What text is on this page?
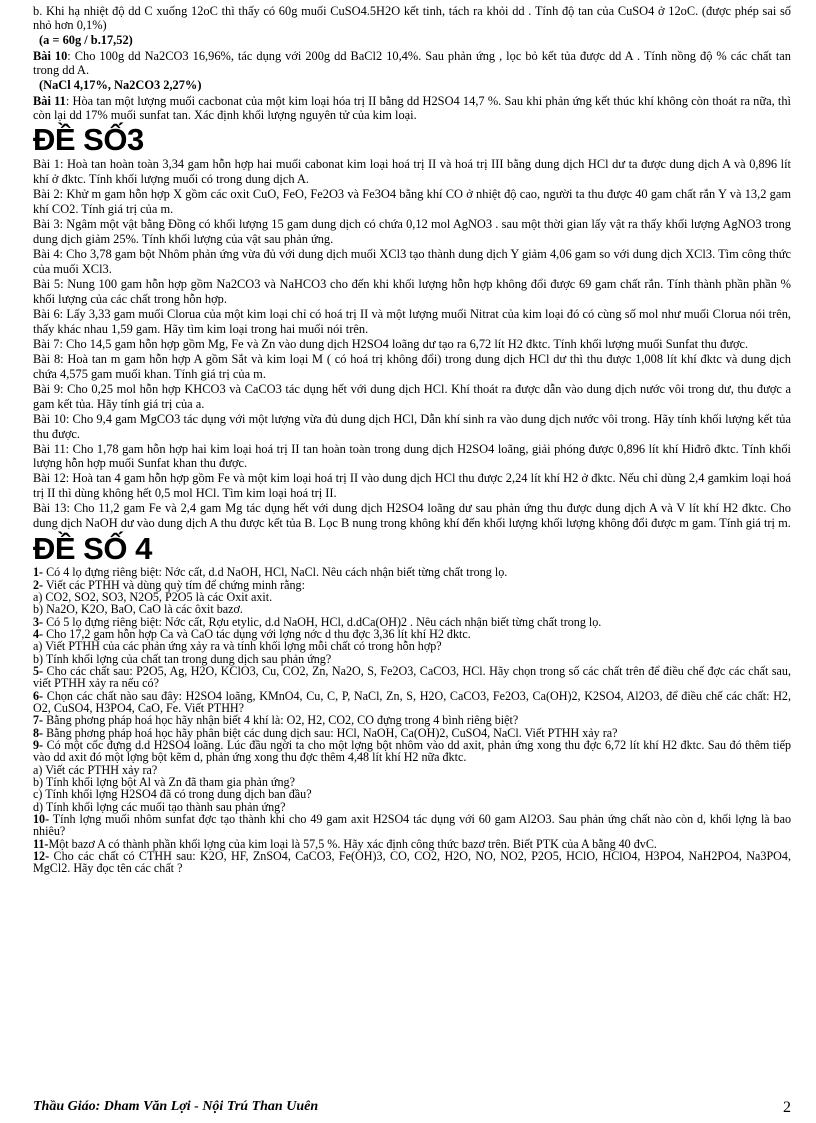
b. Khi hạ nhiệt độ dd C xuống 12oC thì thấy có 60g muối CuSO4.5H2O kết tinh, tách ra khỏi dd . Tính độ tan của CuSO4 ở 12oC. (được phép sai số nhỏ hơn 0,1%)

(a = 60g / b.17,52)

Bài 10: Cho 100g dd Na2CO3 16,96%, tác dụng với 200g dd BaCl2 10,4%. Sau phản ứng , lọc bỏ kết tủa được dd A . Tính nồng độ % các chất tan trong dd A.

(NaCl 4,17%, Na2CO3 2,27%)

Bài 11: Hòa tan một lượng muối cacbonat của một kim loại hóa trị II bằng dd H2SO4 14,7 %. Sau khi phản ứng kết thúc khí không còn thoát ra nữa, thì còn lại dd 17% muối sunfat tan. Xác định khối lượng nguyên tử của kim loại.

ĐỀ SỐ3

Bài 1: Hoà tan hoàn toàn 3,34 gam hỗn hợp hai muối cabonat kim loại hoá trị II và hoá trị III bằng dung dịch HCl dư ta được dung dịch A và 0,896 lít khí ở đktc. Tính khối lượng muối có trong dung dịch A.

Bài 2: Khử m gam hỗn hợp X gồm các oxit CuO, FeO, Fe2O3 và Fe3O4 bằng khí CO ở nhiệt độ cao, người ta thu được 40 gam chất rắn Y và 13,2 gam khí CO2. Tính giá trị của m.

Bài 3: Ngâm một vật bằng Đồng có khối lượng 15 gam dung dịch có chứa 0,12 mol AgNO3 . sau một thời gian lấy vật ra thấy khối lượng AgNO3 trong dung dịch giảm 25%. Tính khối lượng của vật sau phản ứng.

Bài 4: Cho 3,78 gam bột Nhôm phản ứng vừa đủ với dung dịch muối XCl3 tạo thành dung dịch Y giảm 4,06 gam so với dung dịch XCl3. Tìm công thức của muối XCl3.

Bài 5: Nung 100 gam hỗn hợp gồm Na2CO3 và NaHCO3 cho đến khi khối lượng hỗn hợp không đổi được 69 gam chất rắn. Tính thành phần phần % khối lượng của các chất trong hỗn hợp.

Bài 6: Lấy 3,33 gam muối Clorua của một kim loại chỉ có hoá trị II và một lượng muối Nitrat của kim loại đó có cùng số mol như muối Clorua nói trên, thấy khác nhau 1,59 gam. Hãy tìm kim loại trong hai muối nói trên.

Bài 7: Cho 14,5 gam hỗn hợp gồm Mg, Fe và Zn vào dung dịch H2SO4 loãng dư tạo ra 6,72 lít H2 đktc. Tính khối lượng muối Sunfat thu được.

Bài 8: Hoà tan m gam hỗn hợp A gồm Sắt và kim loại M ( có hoá trị không đổi) trong dung dịch HCl dư thì thu được 1,008 lít khí đktc và dung dịch chứa 4,575 gam muối khan. Tính giá trị của m.

Bài 9: Cho 0,25 mol hỗn hợp KHCO3 và CaCO3 tác dụng hết với dung dịch HCl. Khí thoát ra được dẫn vào dung dịch nước vôi trong dư, thu được a gam kết tủa. Hãy tính giá trị của a.

Bài 10: Cho 9,4 gam MgCO3 tác dụng với một lượng vừa đủ dung dịch HCl, Dẫn khí sinh ra vào dung dịch nước vôi trong. Hãy tính khối lượng kết tủa thu được.

Bài 11: Cho 1,78 gam hỗn hợp hai kim loại hoá trị II tan hoàn toàn trong dung dịch H2SO4 loãng, giải phóng được 0,896 lít khí Hiđrô đktc. Tính khối lượng hỗn hợp muối Sunfat khan thu được.

Bài 12: Hoà tan 4 gam hỗn hợp gồm Fe và một kim loại hoá trị II vào dung dịch HCl thu được 2,24 lít khí H2 ở đktc. Nếu chỉ dùng 2,4 gamkim loại hoá trị II thì dùng không hết 0,5 mol HCl. Tìm kim loại hoá trị II.

Bài 13: Cho 11,2 gam Fe và 2,4 gam Mg tác dụng hết với dung dịch H2SO4 loãng dư sau phản ứng thu được dung dịch A và V lít khí H2 đktc. Cho dung dịch NaOH dư vào dung dịch A thu được kết tủa B. Lọc B nung trong không khí đến khối lượng khối lượng không đổi được m gam. Tính giá trị m.

ĐỀ SỐ 4

1- Có 4 lọ đựng riêng biệt: Nớc cất, d.d NaOH, HCl, NaCl. Nêu cách nhận biết từng chất trong lọ.

2- Viết các PTHH và dùng quỳ tím để chứng minh rằng:

a) CO2, SO2, SO3, N2O5, P2O5 là các Oxit axit.

b) Na2O, K2O, BaO, CaO là các ôxit bazơ.

3- Có 5 lọ đựng riêng biệt: Nớc cất, Rợu etylic, d.d NaOH, HCl, d.dCa(OH)2 . Nêu cách nhận biết từng chất trong lọ.

4- Cho 17,2 gam hỗn hợp Ca và CaO tác dụng với lợng nớc d thu đợc 3,36 lít khí H2 đktc.

a) Viết PTHH của các phản ứng xảy ra và tính khối lợng mỗi chất có trong hỗn hợp?

b) Tính khối lợng của chất tan trong dung dịch sau phản ứng?

5- Cho các chất sau: P2O5, Ag, H2O, KClO3, Cu, CO2, Zn, Na2O, S, Fe2O3, CaCO3, HCl. Hãy chọn trong số các chất trên để điều chế đợc các chất sau, viết PTHH xảy ra nếu có?

6- Chọn các chất nào sau đây: H2SO4 loãng, KMnO4, Cu, C, P, NaCl, Zn, S, H2O, CaCO3, Fe2O3, Ca(OH)2, K2SO4, Al2O3, để điều chế các chất: H2, O2, CuSO4, H3PO4, CaO, Fe. Viết PTHH?

7- Bằng phơng pháp hoá học hãy nhận biết 4 khí là: O2, H2, CO2, CO đựng trong 4 bình riêng biệt?

8- Bằng phơng pháp hoá học hãy phân biệt các dung dịch sau: HCl, NaOH, Ca(OH)2, CuSO4, NaCl. Viết PTHH xảy ra?

9- Có một cốc đựng d.d H2SO4 loãng. Lúc đầu ngời ta cho một lợng bột nhôm vào dd axit, phản ứng xong thu đợc 6,72 lít khí H2 đktc. Sau đó thêm tiếp vào dd axit đó một lợng bột kẽm d, phản ứng xong thu đợc thêm 4,48 lít khí H2 nữa đktc.

a) Viết các PTHH xảy ra?

b) Tính khối lợng bột Al và Zn đã tham gia phản ứng?

c) Tính khối lợng H2SO4 đã có trong dung dịch ban đầu?

d) Tính khối lợng các muối tạo thành sau phản ứng?

10- Tính lợng muối nhôm sunfat đợc tạo thành khi cho 49 gam axit H2SO4 tác dụng với 60 gam Al2O3. Sau phản ứng chất nào còn d, khối lợng là bao nhiêu?

11-Một bazơ A có thành phần khối lợng của kim loại là 57,5 %. Hãy xác định công thức bazơ trên. Biết PTK của A bằng 40 đvC.

12- Cho các chất có CTHH sau: K2O, HF, ZnSO4, CaCO3, Fe(OH)3, CO, CO2, H2O, NO, NO2, P2O5, HClO, HClO4, H3PO4, NaH2PO4, Na3PO4, MgCl2. Hãy đọc tên các chất ?

Thầu Giáo: Dham Văn Lợi - Nội Trú Than Uuên	2
